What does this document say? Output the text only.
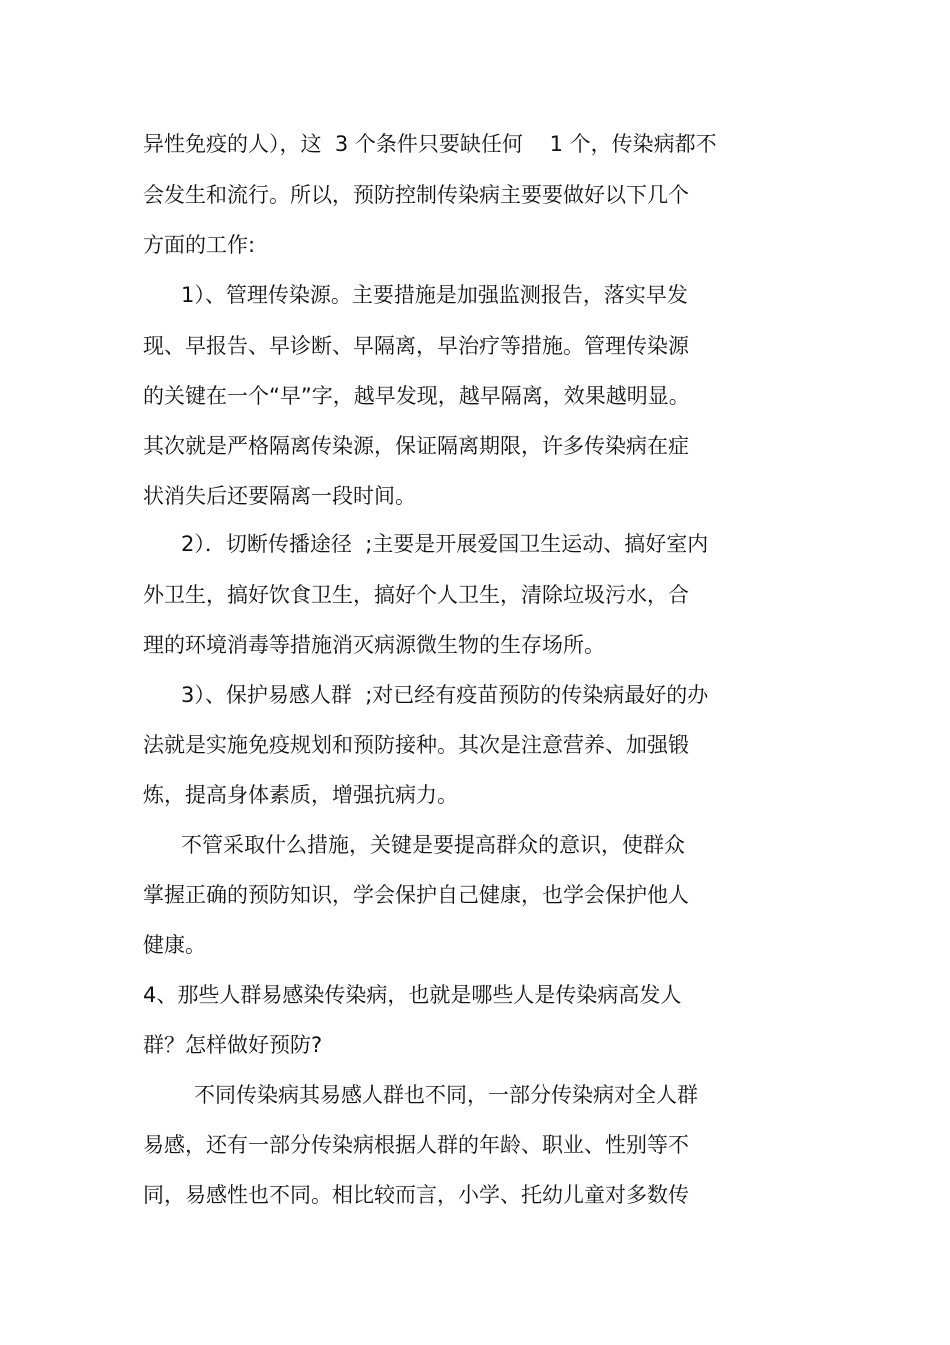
异性免疫的人），这  3 个条件只要缺任何    1 个，传染病都不
会发生和流行。所以，预防控制传染病主要要做好以下几个
方面的工作:
1）、管理传染源。主要措施是加强监测报告，落实早发
现、早报告、早诊断、早隔离，早治疗等措施。管理传染源
的关键在一个“早”字，越早发现，越早隔离，效果越明显。
其次就是严格隔离传染源，保证隔离期限，许多传染病在症
状消失后还要隔离一段时间。
2）．切断传播途径  ;主要是开展爱国卫生运动、搞好室内
外卫生，搞好饮食卫生，搞好个人卫生，清除垃圾污水，合
理的环境消毒等措施消灭病源微生物的生存场所。
3）、保护易感人群  ;对已经有疫苗预防的传染病最好的办
法就是实施免疫规划和预防接种。其次是注意营养、加强锻
炼，提高身体素质，增强抗病力。
不管采取什么措施，关键是要提高群众的意识，使群众
掌握正确的预防知识，学会保护自己健康，也学会保护他人
健康。
4、那些人群易感染传染病，也就是哪些人是传染病高发人
群？怎样做好预防?
不同传染病其易感人群也不同，一部分传染病对全人群
易感，还有一部分传染病根据人群的年龄、职业、性别等不
同，易感性也不同。相比较而言，小学、托幼儿童对多数传
